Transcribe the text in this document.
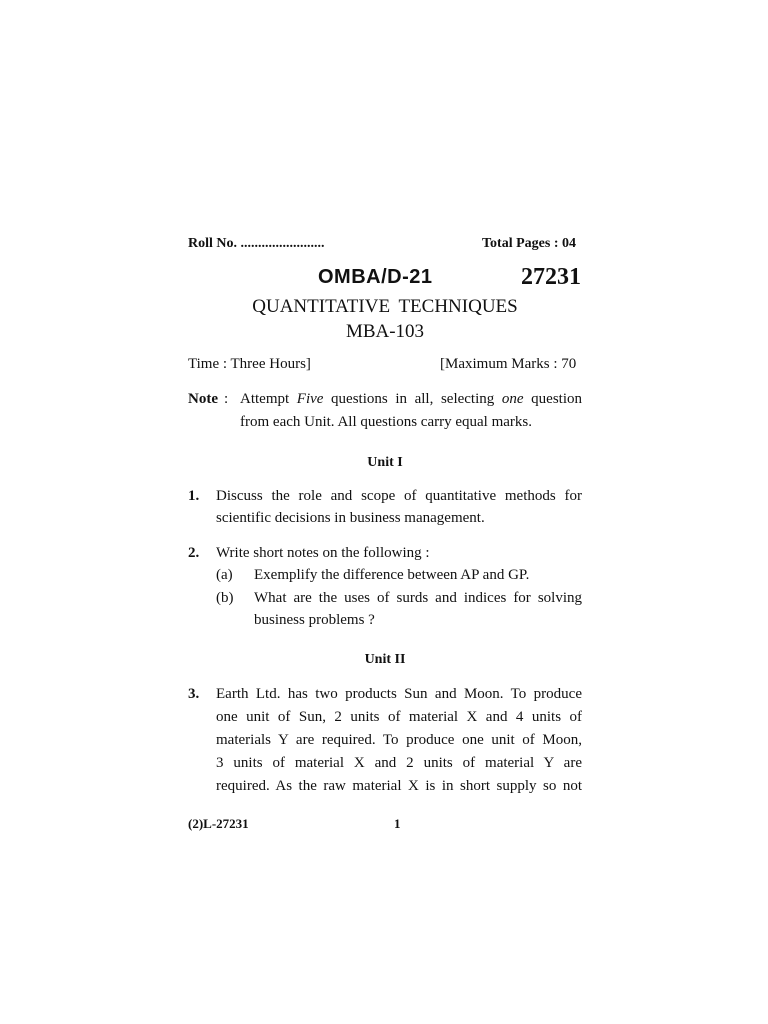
Roll No. ........................	Total Pages : 04
OMBA/D-21	27231
QUANTITATIVE TECHNIQUES
MBA-103
Time : Three Hours]	[Maximum Marks : 70
Note : Attempt Five questions in all, selecting one question
from each Unit. All questions carry equal marks.
Unit I
1. Discuss the role and scope of quantitative methods for
scientific decisions in business management.
2. Write short notes on the following :
(a) Exemplify the difference between AP and GP.
(b) What are the uses of surds and indices for solving
business problems ?
Unit II
3. Earth Ltd. has two products Sun and Moon. To produce
one unit of Sun, 2 units of material X and 4 units of
materials Y are required. To produce one unit of Moon,
3 units of material X and 2 units of material Y are
required. As the raw material X is in short supply so not
(2)L-27231	1
